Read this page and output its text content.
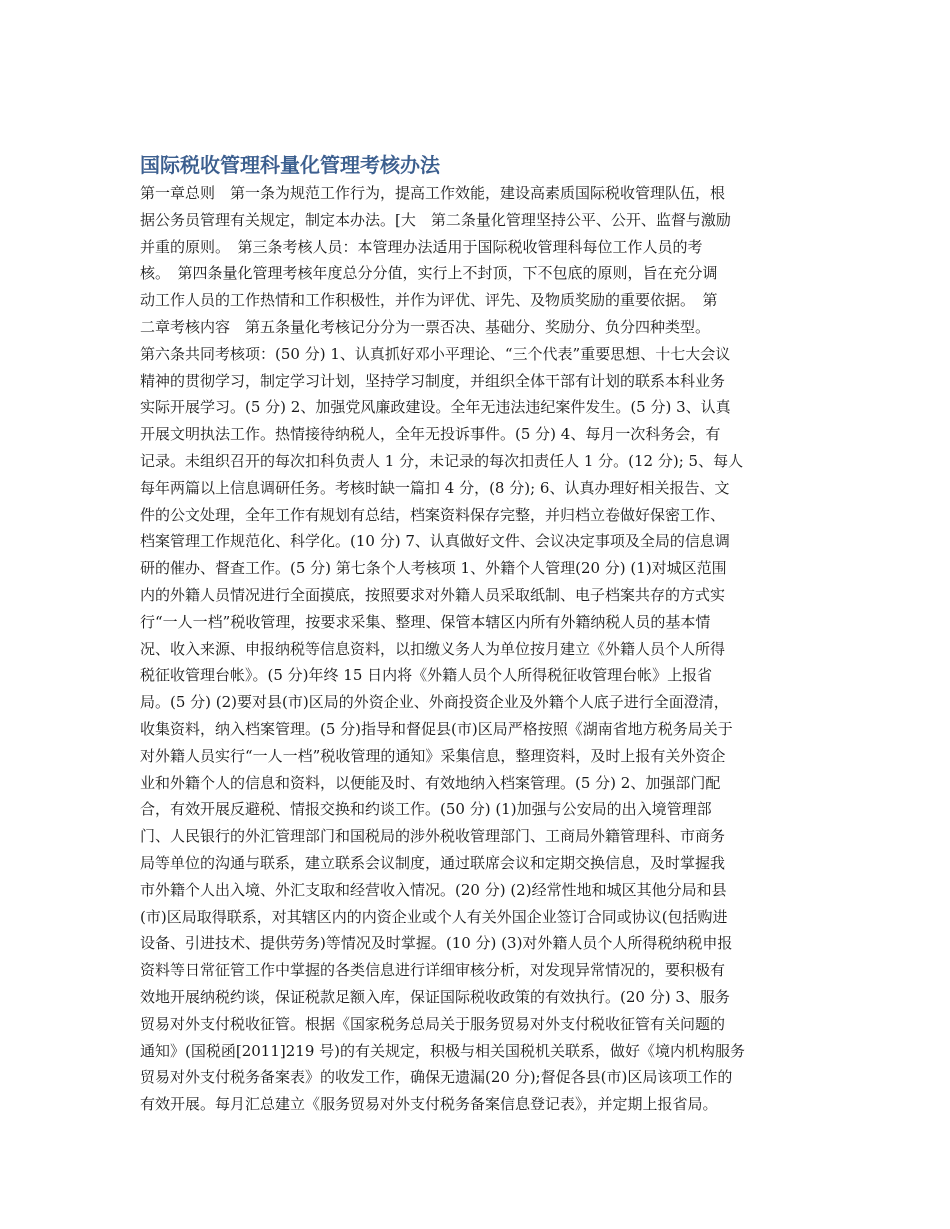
国际税收管理科量化管理考核办法
第一章总则　第一条为规范工作行为，提高工作效能，建设高素质国际税收管理队伍，根
据公务员管理有关规定，制定本办法。[大　第二条量化管理坚持公平、公开、监督与激励
并重的原则。　第三条考核人员：本管理办法适用于国际税收管理科每位工作人员的考
核。　第四条量化管理考核年度总分分值，实行上不封顶，下不包底的原则，旨在充分调
动工作人员的工作热情和工作积极性，并作为评优、评先、及物质奖励的重要依据。　第
二章考核内容　第五条量化考核记分分为一票否决、基础分、奖励分、负分四种类型。
第六条共同考核项：(50 分) 1、认真抓好邓小平理论、“三个代表”重要思想、十七大会议
精神的贯彻学习，制定学习计划，坚持学习制度，并组织全体干部有计划的联系本科业务
实际开展学习。(5 分) 2、加强党风廉政建设。全年无违法违纪案件发生。(5 分) 3、认真
开展文明执法工作。热情接待纳税人，全年无投诉事件。(5 分) 4、每月一次科务会，有
记录。未组织召开的每次扣科负责人 1 分，未记录的每次扣责任人 1 分。(12 分); 5、每人
每年两篇以上信息调研任务。考核时缺一篇扣 4 分，(8 分); 6、认真办理好相关报告、文
件的公文处理，全年工作有规划有总结，档案资料保存完整，并归档立卷做好保密工作、
档案管理工作规范化、科学化。(10 分) 7、认真做好文件、会议决定事项及全局的信息调
研的催办、督查工作。(5 分) 第七条个人考核项 1、外籍个人管理(20 分) (1)对城区范围
内的外籍人员情况进行全面摸底，按照要求对外籍人员采取纸制、电子档案共存的方式实
行“一人一档”税收管理，按要求采集、整理、保管本辖区内所有外籍纳税人员的基本情
况、收入来源、申报纳税等信息资料，以扣缴义务人为单位按月建立《外籍人员个人所得
税征收管理台帐》。(5 分)年终 15 日内将《外籍人员个人所得税征收管理台帐》上报省
局。(5 分) (2)要对县(市)区局的外资企业、外商投资企业及外籍个人底子进行全面澄清，
收集资料，纳入档案管理。(5 分)指导和督促县(市)区局严格按照《湖南省地方税务局关于
对外籍人员实行“一人一档”税收管理的通知》采集信息，整理资料，及时上报有关外资企
业和外籍个人的信息和资料，以便能及时、有效地纳入档案管理。(5 分) 2、加强部门配
合，有效开展反避税、情报交换和约谈工作。(50 分) (1)加强与公安局的出入境管理部
门、人民银行的外汇管理部门和国税局的涉外税收管理部门、工商局外籍管理科、市商务
局等单位的沟通与联系，建立联系会议制度，通过联席会议和定期交换信息，及时掌握我
市外籍个人出入境、外汇支取和经营收入情况。(20 分) (2)经常性地和城区其他分局和县
(市)区局取得联系，对其辖区内的内资企业或个人有关外国企业签订合同或协议(包括购进
设备、引进技术、提供劳务)等情况及时掌握。(10 分) (3)对外籍人员个人所得税纳税申报
资料等日常征管工作中掌握的各类信息进行详细审核分析，对发现异常情况的，要积极有
效地开展纳税约谈，保证税款足额入库，保证国际税收政策的有效执行。(20 分) 3、服务
贸易对外支付税收征管。根据《国家税务总局关于服务贸易对外支付税收征管有关问题的
通知》(国税函[2011]219 号)的有关规定，积极与相关国税机关联系，做好《境内机构服务
贸易对外支付税务备案表》的收发工作，确保无遗漏(20 分);督促各县(市)区局该项工作的
有效开展。每月汇总建立《服务贸易对外支付税务备案信息登记表》，并定期上报省局。
